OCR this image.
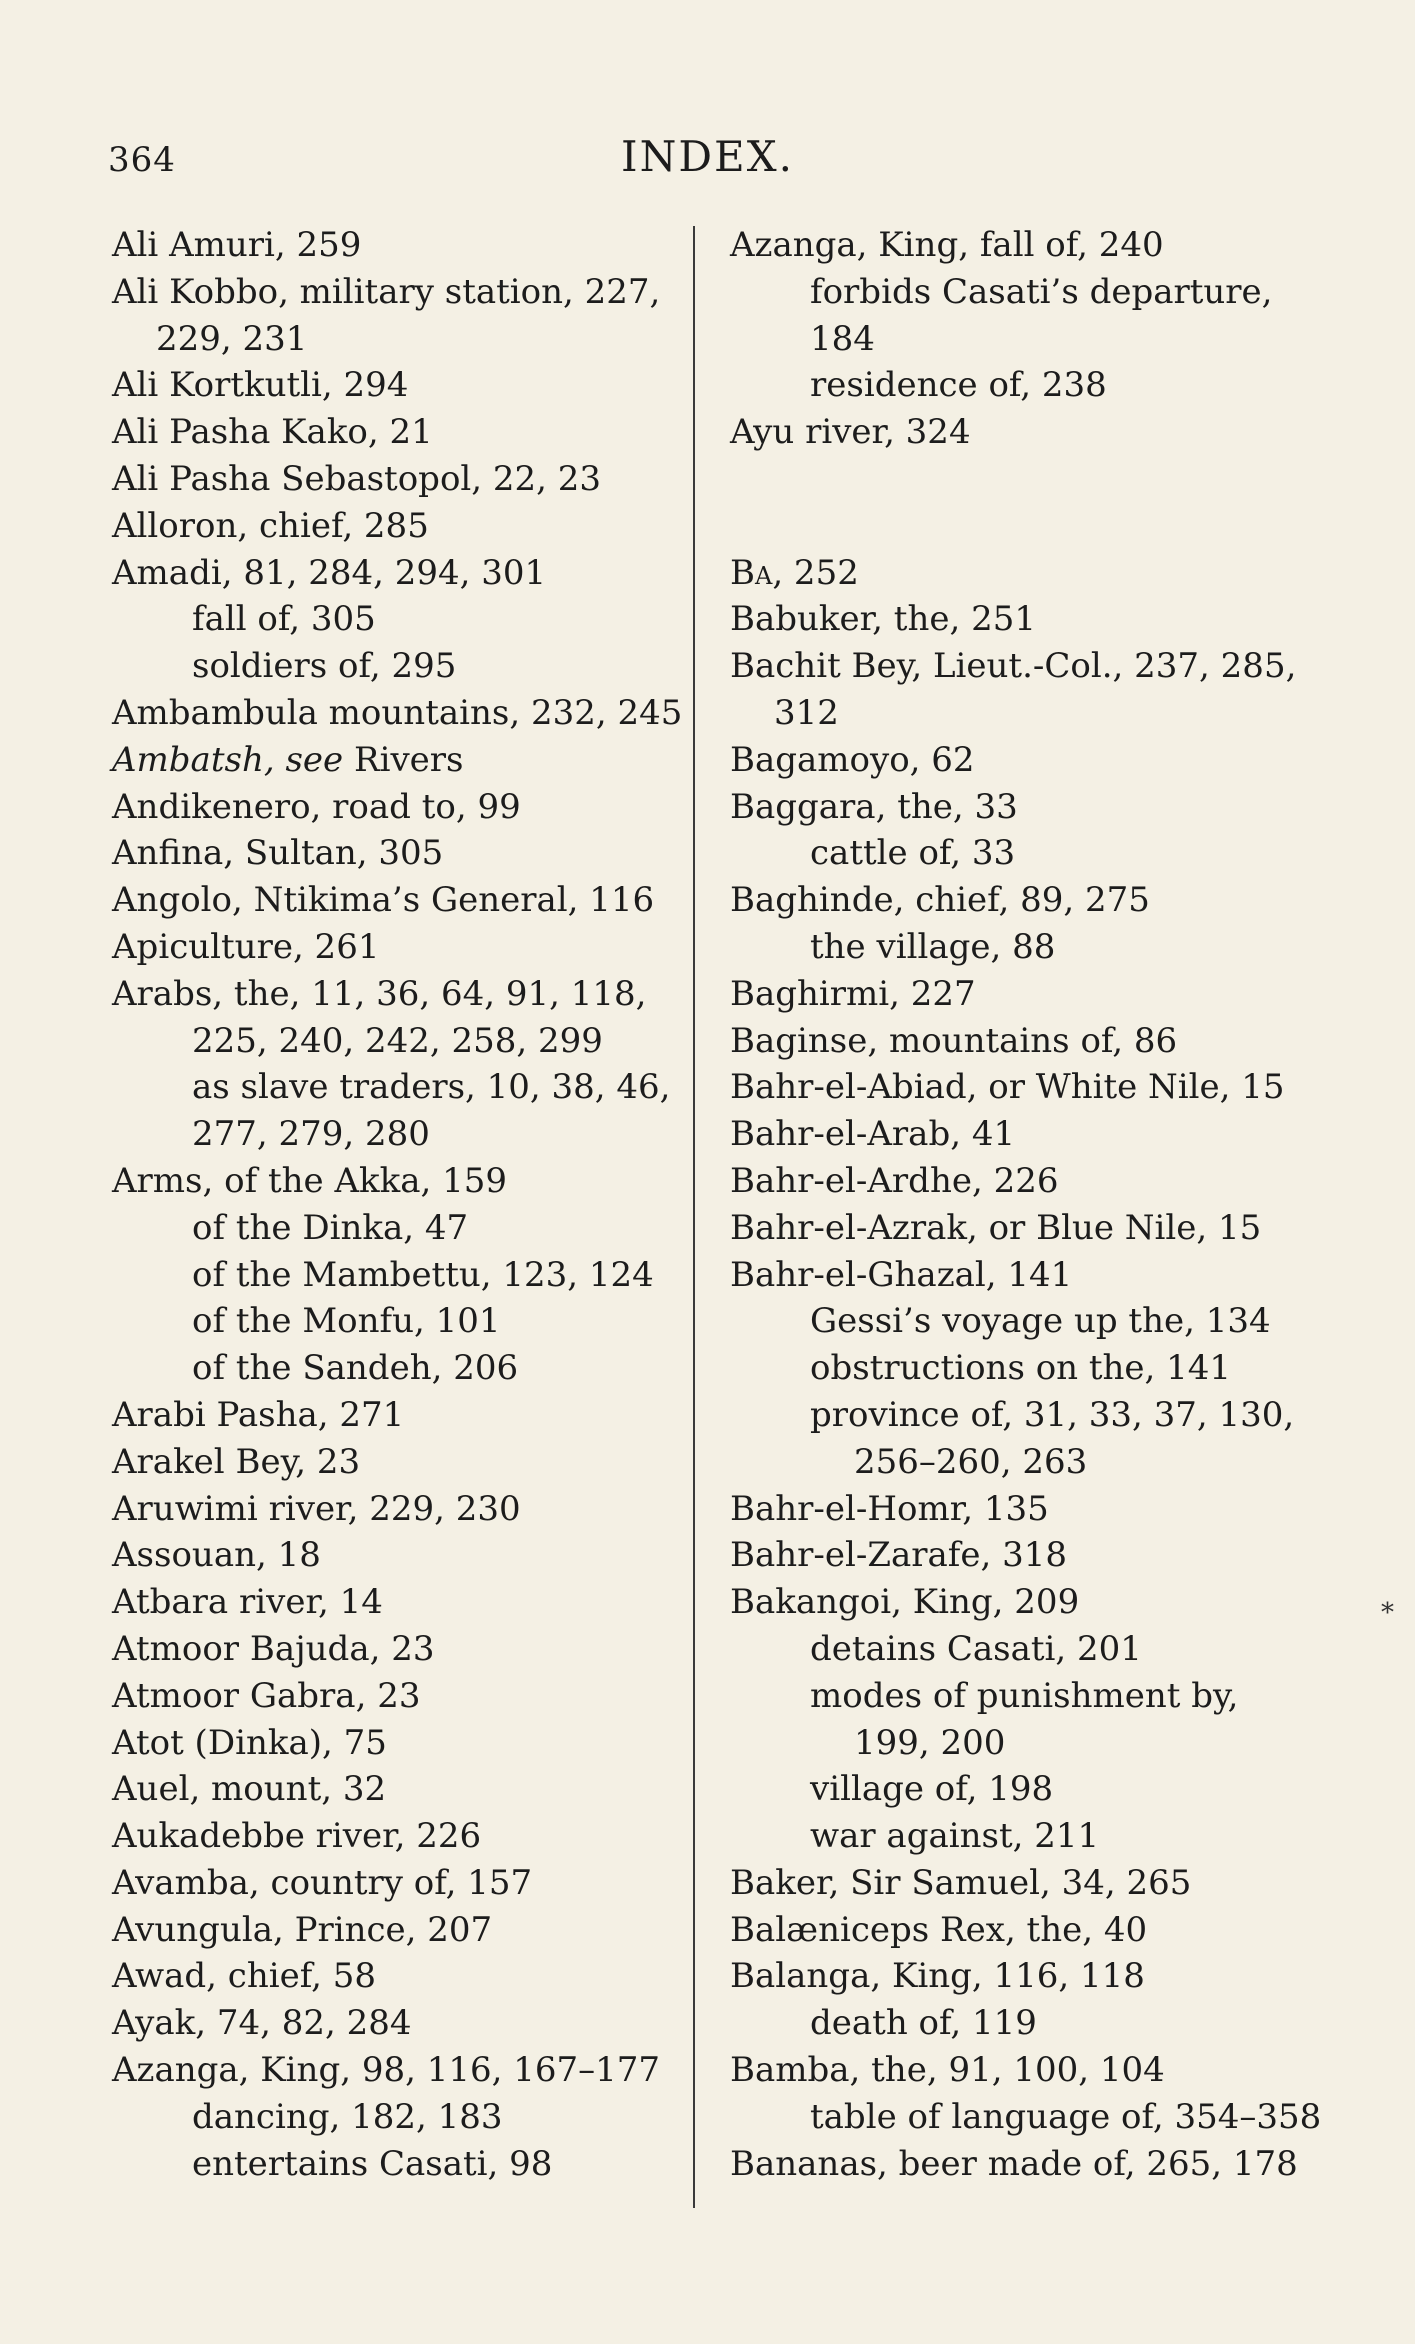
364	INDEX.
Ali Amuri, 259
Ali Kobbo, military station, 227,
229, 231
Ali Kortkutli, 294
Ali Pasha Kako, 21
Ali Pasha Sebastopol, 22, 23
Alloron, chief, 285
Amadi, 81, 284, 294, 301
fall of, 305
soldiers of, 295
Ambambula mountains, 232, 245
Ambatsh, see Rivers
Andikenero, road to, 99
Anfina, Sultan, 305
Angolo, Ntikima’s General, 116
Apiculture, 261
Arabs, the, 11, 36, 64, 91, 118,
225, 240, 242, 258, 299
as slave traders, 10, 38, 46,
277, 279, 280
Arms, of the Akka, 159
of the Dinka, 47
of the Mambettu, 123, 124
of the Monfu, 101
of the Sandeh, 206
Arabi Pasha, 271
Arakel Bey, 23
Aruwimi river, 229, 230
Assouan, 18
Atbara river, 14
Atmoor Bajuda, 23
Atmoor Gabra, 23
Atot (Dinka), 75
Auel, mount, 32
Aukadebbe river, 226
Avamba, country of, 157
Avungula, Prince, 207
Awad, chief, 58
Ayak, 74, 82, 284
Azanga, King, 98, 116, 167–177
dancing, 182, 183
entertains Casati, 98
Azanga, King, fall of, 240
forbids Casati’s departure,
184
residence of, 238
Ayu river, 324
Ba, 252
Babuker, the, 251
Bachit Bey, Lieut.-Col., 237, 285,
312
Bagamoyo, 62
Baggara, the, 33
cattle of, 33
Baghinde, chief, 89, 275
the village, 88
Baghirmi, 227
Baginse, mountains of, 86
Bahr-el-Abiad, or White Nile, 15
Bahr-el-Arab, 41
Bahr-el-Ardhe, 226
Bahr-el-Azrak, or Blue Nile, 15
Bahr-el-Ghazal, 141
Gessi’s voyage up the, 134
obstructions on the, 141
province of, 31, 33, 37, 130,
256–260, 263
Bahr-el-Homr, 135
Bahr-el-Zarafe, 318
Bakangoi, King, 209
detains Casati, 201
modes of punishment by,
199, 200
village of, 198
war against, 211
Baker, Sir Samuel, 34, 265
Balæniceps Rex, the, 40
Balanga, King, 116, 118
death of, 119
Bamba, the, 91, 100, 104
table of language of, 354–358
Bananas, beer made of, 265, 178
*
